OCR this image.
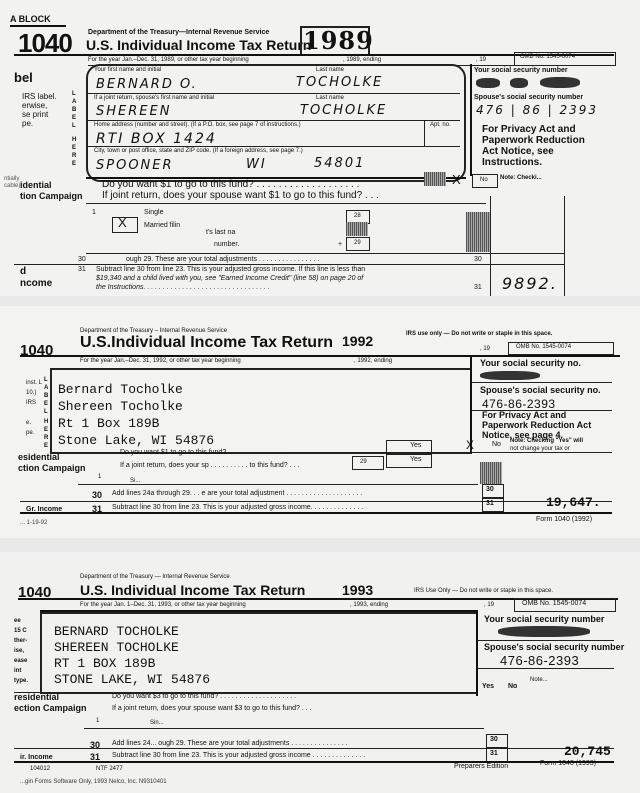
A BLOCK
1040 Department of the Treasury—Internal Revenue Service
U.S. Individual Income Tax Return
1989
For the year Jan.–Dec. 31, 1989, or other tax year beginning	, 1989, ending	, 19	OMB No. 1545-0074
bel
IRS label.
erwise,
se print
pe.
L
A
B
E
L
H
E
R
E
Your first name and initial	Last name
BERNARD O.	TOCHOLKE
If a joint return, spouse's first name and initial	Last name
SHEREEN	TOCHOLKE
Home address (number and street). (If a P.O. box, see page 7 of instructions.)	Apt. no.
RTI BOX 1424
City, town or post office, state and ZIP code. (If a foreign address, see page 7.)
SPOONER	WI	54801
Your social security number
Spouse's social security number
476 | 86 | 2393
For Privacy Act and
Paperwork Reduction
Act Notice, see
Instructions.
ntially
cable) idential
tion Campaign
Do you want $1 to go to this fund? . . . . . . . . . . . . . . . . . . .
If joint return, does your spouse want $1 to go to this fund? . . .
X	No Note: Checki...
1	Single
X Married filin
t's last na
number.
28
+ 29
30	ough 29. These are your total adjustments . . . . . . . . . . . . . . . .	30
d
ncome
31 Subtract line 30 from line 23. This is your adjusted gross income. If this line is less than
$19,340 and a child lived with you, see "Earned Income Credit" (line 58) on page 20 of
the Instructions. . . . . . . . . . . . . . . . . . . . . . . . . . . . . . . . .	31 9892.
Department of the Treasury – Internal Revenue Service
1040 U.S.Individual Income Tax Return 1992	IRS use only — Do not write or staple in this space.
For the year Jan.–Dec. 31, 1992, or other tax year beginning	, 1992, ending
, 19	OMB No. 1545-0074
inst. L
10.)
IRS
e.
pe.
L
A
B
E
L
H
E
R
E
Bernard Tocholke
Shereen Tocholke
Rt 1 Box 189B
Stone Lake, WI 54876
Your social security no.
Spouse's social security no.
476-86-2393
For Privacy Act and
Paperwork Reduction Act
Notice, see page 4.
esidential
ction Campaign
Do you want $1 to go to this fund? . . . . . . . . . . . . . . . . .
If a joint return, does your sp . . . . . . . . . . to this fund? . . .	29
Yes
Yes
X	No Note: Checking "Yes" will
not change your tax or
1
Si...
30 Add lines 24a through 29. . . e are your total adjustment . . . . . . . . . . . . . . . . . . . .
30
Gr. Income	31 Subtract line 30 from line 23. This is your adjusted gross income. . . . . . . . . . . . . .
31	19,647.
... 1-19-92	Form 1040 (1992)
Department of the Treasury — Internal Revenue Service
1040 U.S. Individual Income Tax Return	1993	IRS Use Only — Do not write or staple in this space.
For the year Jan. 1–Dec. 31, 1993, or other tax year beginning	, 1993, ending	, 19	OMB No. 1545-0074
ee
15 C
ther-
ise,
ease
int
type.
BERNARD TOCHOLKE
SHEREEN TOCHOLKE
RT 1 BOX 189B
STONE LAKE, WI 54876
Your social security number
Spouse's social security number
476-86-2393
Yes No
Note...
residential
ection Campaign
Do you want $3 to go to this fund? . . . . . . . . . . . . . . . . . . . .
If a joint return, does your spouse want $3 to go to this fund? . . .
1	Sin...
30 Add lines 24... ough 29. These are your total adjustments . . . . . . . . . . . . . . .
30
ir. Income	31 Subtract line 30 from line 23. This is your adjusted gross income . . . . . . . . . . . . . .	31	20,745
Preparers Edition	Form 1040 (1993)
104012	NTF 2477
...gin Forms Software Only, 1993 Nelco, Inc. N9310401
